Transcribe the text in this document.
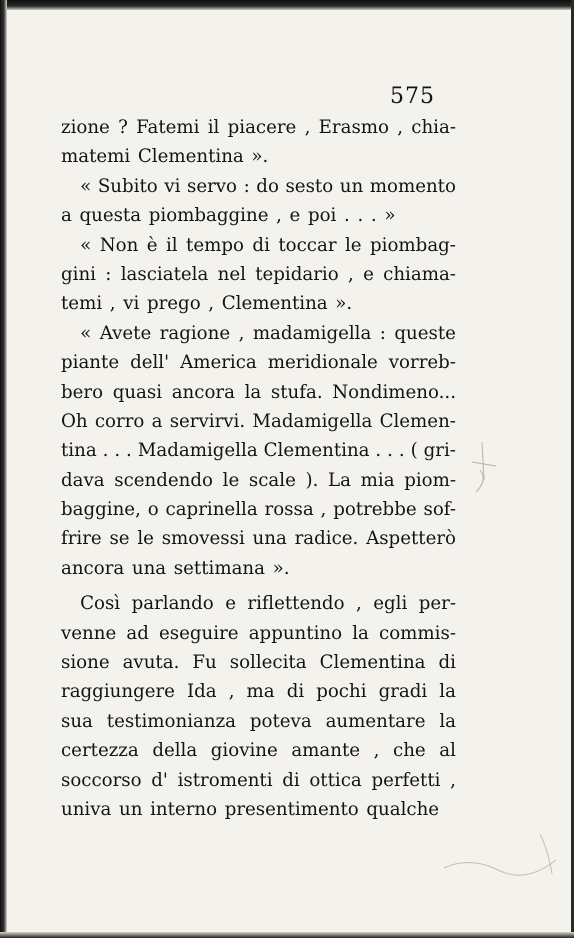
575
zione ? Fatemi il piacere , Erasmo , chia-
matemi Clementina ».
« Subito vi servo : do sesto un momento
a questa piombaggine , e poi . . . »
« Non è il tempo di toccar le piombag-
gini : lasciatela nel tepidario , e chiama-
temi , vi prego , Clementina ».
« Avete ragione , madamigella : queste
piante dell' America meridionale vorreb-
bero quasi ancora la stufa. Nondimeno...
Oh corro a servirvi. Madamigella Clemen-
tina . . . Madamigella Clementina . . . ( gri-
dava scendendo le scale ). La mia piom-
baggine, o caprinella rossa , potrebbe sof-
frire se le smovessi una radice. Aspetterò
ancora una settimana ».
Così parlando e riflettendo , egli per-
venne ad eseguire appuntino la commis-
sione avuta. Fu sollecita Clementina di
raggiungere Ida , ma di pochi gradi la
sua testimonianza poteva aumentare la
certezza della giovine amante , che al
soccorso d' istromenti di ottica perfetti ,
univa un interno presentimento qualche
